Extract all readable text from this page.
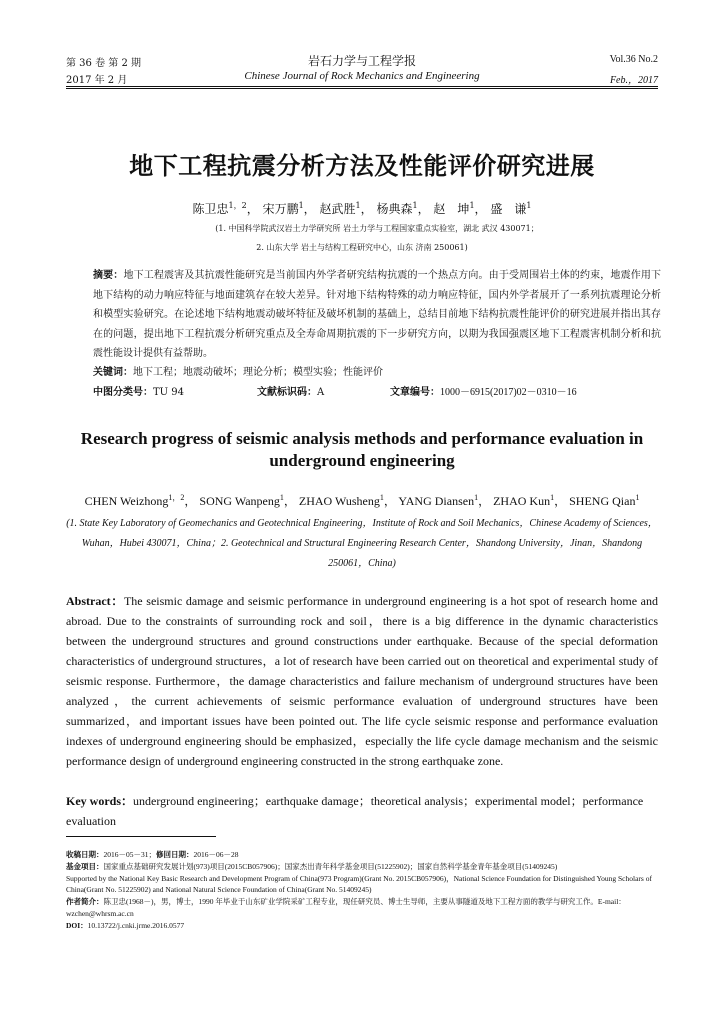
第 36 卷 第 2 期	岩石力学与工程学报	Vol.36 No.2
2017 年 2 月	Chinese Journal of Rock Mechanics and Engineering	Feb.，2017
地下工程抗震分析方法及性能评价研究进展
陈卫忠$^{1,2}$， 宋万鹏$^1$， 赵武胜$^1$， 杨典森$^1$， 赵　坤$^1$， 盛　谦$^1$
(1. 中国科学院武汉岩土力学研究所 岩土力学与工程国家重点实验室，湖北 武汉 430071；
2. 山东大学 岩土与结构工程研究中心，山东 济南 250061)
摘要：地下工程震害及其抗震性能研究是当前国内外学者研究结构抗震的一个热点方向。由于受周围岩土体的约束，地震作用下地下结构的动力响应特征与地面建筑存在较大差异。针对地下结构特殊的动力响应特征，国内外学者展开了一系列抗震理论分析和模型实验研究。在论述地下结构地震动破坏特征及破坏机制的基础上，总结目前地下结构抗震性能评价的研究进展并指出其存在的问题，提出地下工程抗震分析研究重点及全寿命周期抗震的下一步研究方向，以期为我国强震区地下工程震害机制分析和抗震性能设计提供有益帮助。
关键词：地下工程；地震动破坏；理论分析；模型实验；性能评价
中图分类号： TU 94	文献标识码： A	文章编号： 1000－6915(2017)02－0310－16
Research progress of seismic analysis methods and performance evaluation in underground engineering
CHEN Weizhong$^{1,2}$， SONG Wanpeng$^1$， ZHAO Wusheng$^1$， YANG Diansen$^1$， ZHAO Kun$^1$， SHENG Qian$^1$
(1. State Key Laboratory of Geomechanics and Geotechnical Engineering，Institute of Rock and Soil Mechanics，Chinese Academy of Sciences，Wuhan，Hubei 430071，China；2. Geotechnical and Structural Engineering Research Center，Shandong University，Jinan，Shandong 250061，China)
Abstract：The seismic damage and seismic performance in underground engineering is a hot spot of research home and abroad. Due to the constraints of surrounding rock and soil，there is a big difference in the dynamic characteristics between the underground structures and ground constructions under earthquake. Because of the special deformation characteristics of underground structures，a lot of research have been carried out on theoretical and experimental study of seismic response. Furthermore，the damage characteristics and failure mechanism of underground structures have been analyzed，the current achievements of seismic performance evaluation of underground structures have been summarized，and important issues have been pointed out. The life cycle seismic response and performance evaluation indexes of underground engineering should be emphasized，especially the life cycle damage mechanism and the seismic performance design of underground engineering constructed in the strong earthquake zone.
Key words：underground engineering；earthquake damage；theoretical analysis；experimental model；performance evaluation
收稿日期：2016－05－31；修回日期：2016－06－28
基金项目：国家重点基础研究发展计划(973)项目(2015CB057906)；国家杰出青年科学基金项目(51225902)；国家自然科学基金青年基金项目(51409245)
Supported by the National Key Basic Research and Development Program of China(973 Program)(Grant No. 2015CB057906)，National Science Foundation for Distinguished Young Scholars of China(Grant No. 51225902) and National Natural Science Foundation of China(Grant No. 51409245)
作者简介：陈卫忠(1968－)，男，博士，1990 年毕业于山东矿业学院采矿工程专业，现任研究员、博士生导师，主要从事隧道及地下工程方面的教学与研究工作。E-mail：wzchen@whrsm.ac.cn
DOI：10.13722/j.cnki.jrme.2016.0577
